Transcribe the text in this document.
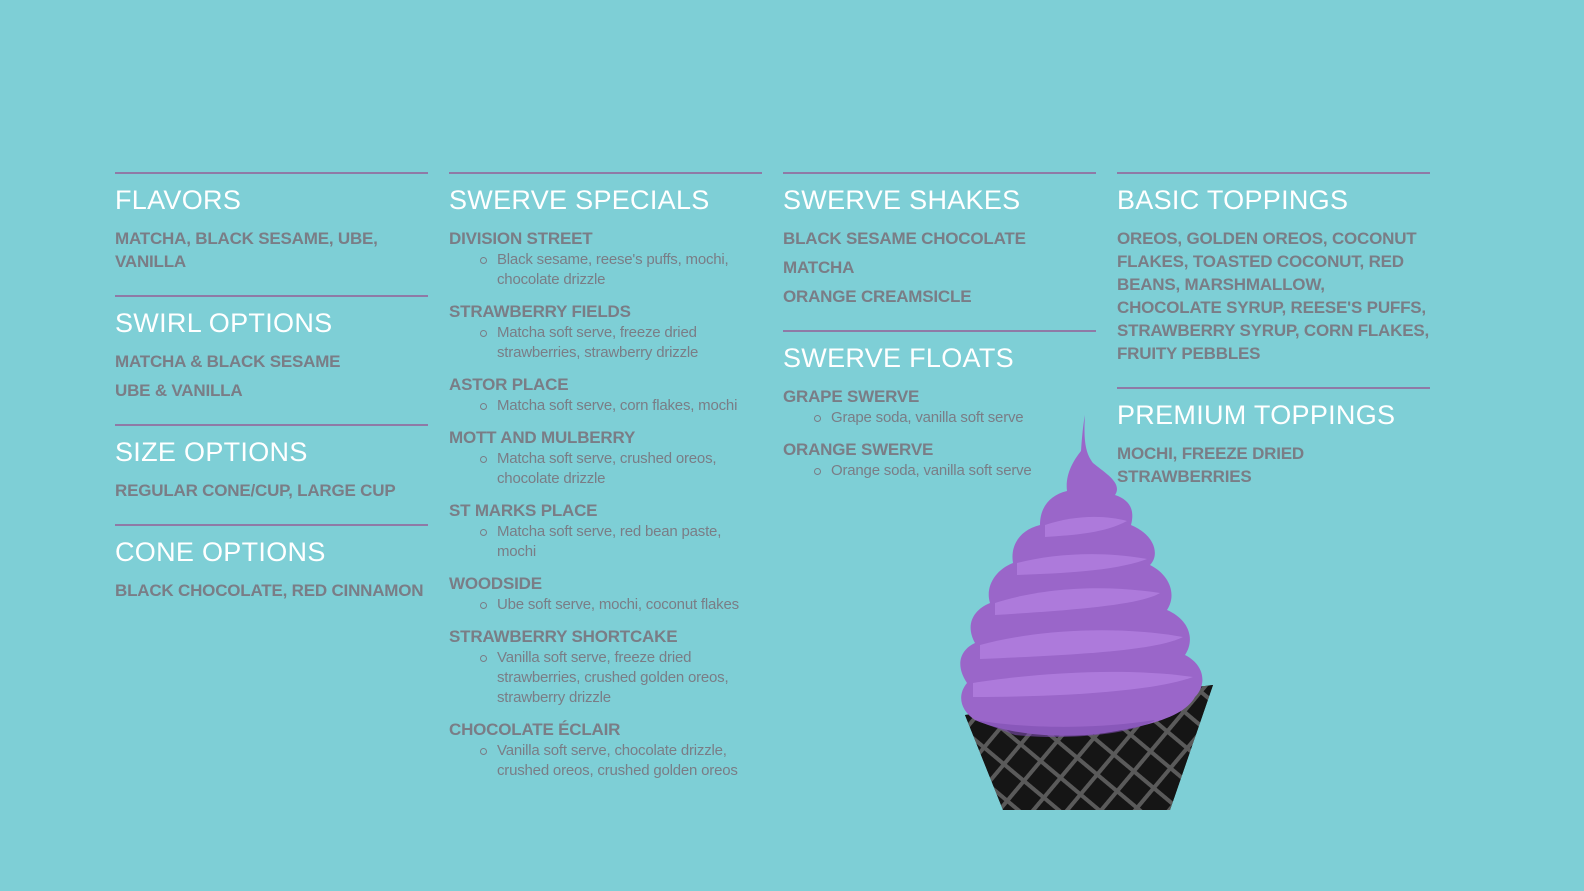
FLAVORS
MATCHA, BLACK SESAME, UBE, VANILLA
SWIRL OPTIONS
MATCHA & BLACK SESAME
UBE & VANILLA
SIZE OPTIONS
REGULAR CONE/CUP, LARGE CUP
CONE OPTIONS
BLACK CHOCOLATE, RED CINNAMON
SWERVE SPECIALS
DIVISION STREET
Black sesame, reese's puffs, mochi, chocolate drizzle
STRAWBERRY FIELDS
Matcha soft serve, freeze dried strawberries, strawberry drizzle
ASTOR PLACE
Matcha soft serve, corn flakes, mochi
MOTT AND MULBERRY
Matcha soft serve, crushed oreos, chocolate drizzle
ST MARKS PLACE
Matcha soft serve, red bean paste, mochi
WOODSIDE
Ube soft serve, mochi, coconut flakes
STRAWBERRY SHORTCAKE
Vanilla soft serve, freeze dried strawberries, crushed golden oreos, strawberry drizzle
CHOCOLATE ÉCLAIR
Vanilla soft serve, chocolate drizzle, crushed oreos, crushed golden oreos
SWERVE SHAKES
BLACK SESAME CHOCOLATE
MATCHA
ORANGE CREAMSICLE
SWERVE FLOATS
GRAPE SWERVE
Grape soda, vanilla soft serve
ORANGE SWERVE
Orange soda, vanilla soft serve
BASIC TOPPINGS
OREOS, GOLDEN OREOS, COCONUT FLAKES, TOASTED COCONUT, RED BEANS, MARSHMALLOW, CHOCOLATE SYRUP, REESE'S PUFFS, STRAWBERRY SYRUP, CORN FLAKES, FRUITY PEBBLES
PREMIUM TOPPINGS
MOCHI, FREEZE DRIED STRAWBERRIES
